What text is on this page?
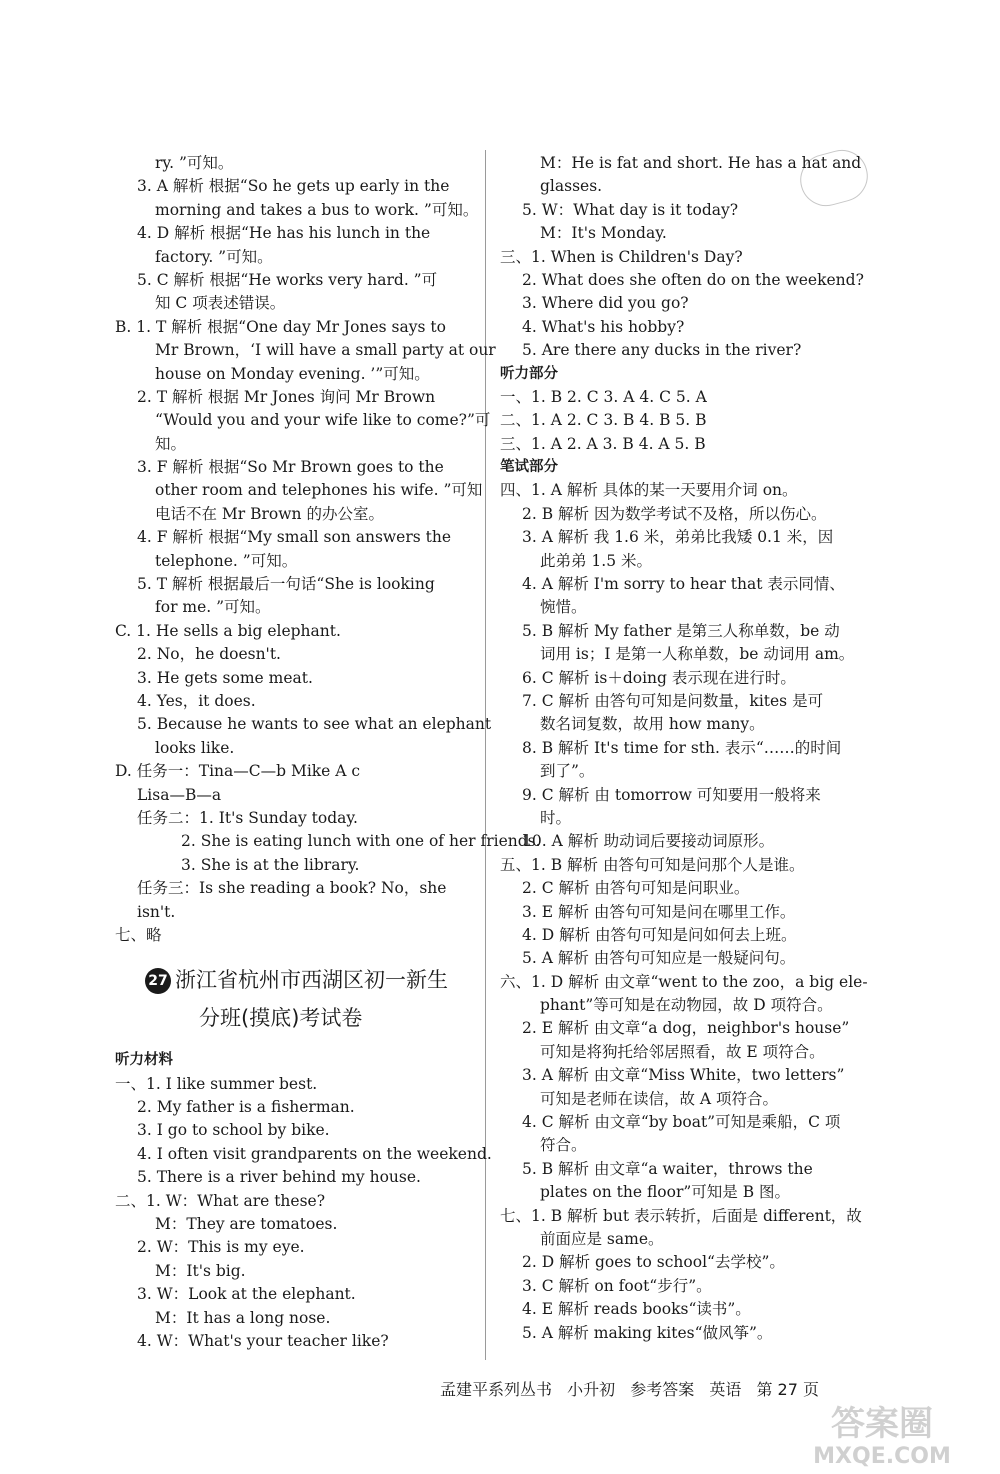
ry. ”可知。
3. A 解析 根据“So he gets up early in the
morning and takes a bus to work. ”可知。
4. D 解析 根据“He has his lunch in the
factory. ”可知。
5. C 解析 根据“He works very hard. ”可
知 C 项表述错误。
B. 1. T 解析 根据“One day Mr Jones says to
Mr Brown，‘I will have a small party at our
house on Monday evening. ’”可知。
2. T 解析 根据 Mr Jones 询问 Mr Brown
“Would you and your wife like to come?”可
知。
3. F 解析 根据“So Mr Brown goes to the
other room and telephones his wife. ”可知
电话不在 Mr Brown 的办公室。
4. F 解析 根据“My small son answers the
telephone. ”可知。
5. T 解析 根据最后一句话“She is looking
for me. ”可知。
C. 1. He sells a big elephant.
2. No，he doesn't.
3. He gets some meat.
4. Yes，it does.
5. Because he wants to see what an elephant
looks like.
D. 任务一：Tina—C—b Mike A c
Lisa—B—a
任务二：1. It's Sunday today.
2. She is eating lunch with one of her friends.
3. She is at the library.
任务三：Is she reading a book? No，she
isn't.
七、略
27 浙江省杭州市西湖区初一新生
分班(摸底)考试卷
听力材料
一、1. I like summer best.
2. My father is a fisherman.
3. I go to school by bike.
4. I often visit grandparents on the weekend.
5. There is a river behind my house.
二、1. W：What are these?
M：They are tomatoes.
2. W：This is my eye.
M：It's big.
3. W：Look at the elephant.
M：It has a long nose.
4. W：What's your teacher like?
M：He is fat and short. He has a hat and
glasses.
5. W：What day is it today?
M：It's Monday.
三、1. When is Children's Day?
2. What does she often do on the weekend?
3. Where did you go?
4. What's his hobby?
5. Are there any ducks in the river?
听力部分
一、1. B 2. C 3. A 4. C 5. A
二、1. A 2. C 3. B 4. B 5. B
三、1. A 2. A 3. B 4. A 5. B
笔试部分
四、1. A 解析 具体的某一天要用介词 on。
2. B 解析 因为数学考试不及格，所以伤心。
3. A 解析 我 1.6 米，弟弟比我矮 0.1 米，因
此弟弟 1.5 米。
4. A 解析 I'm sorry to hear that 表示同情、
惋惜。
5. B 解析 My father 是第三人称单数，be 动
词用 is；I 是第一人称单数，be 动词用 am。
6. C 解析 is＋doing 表示现在进行时。
7. C 解析 由答句可知是问数量，kites 是可
数名词复数，故用 how many。
8. B 解析 It's time for sth. 表示“……的时间
到了”。
9. C 解析 由 tomorrow 可知要用一般将来
时。
10. A 解析 助动词后要接动词原形。
五、1. B 解析 由答句可知是问那个人是谁。
2. C 解析 由答句可知是问职业。
3. E 解析 由答句可知是问在哪里工作。
4. D 解析 由答句可知是问如何去上班。
5. A 解析 由答句可知应是一般疑问句。
六、1. D 解析 由文章“went to the zoo，a big ele-
phant”等可知是在动物园，故 D 项符合。
2. E 解析 由文章“a dog，neighbor's house”
可知是将狗托给邻居照看，故 E 项符合。
3. A 解析 由文章“Miss White，two letters”
可知是老师在读信，故 A 项符合。
4. C 解析 由文章“by boat”可知是乘船，C 项
符合。
5. B 解析 由文章“a waiter，throws the
plates on the floor”可知是 B 图。
七、1. B 解析 but 表示转折，后面是 different，故
前面应是 same。
2. D 解析 goes to school“去学校”。
3. C 解析 on foot“步行”。
4. E 解析 reads books“读书”。
5. A 解析 making kites“做风筝”。
孟建平系列丛书 小升初 参考答案 英语 第 27 页
答案圈
MXQE.COM
